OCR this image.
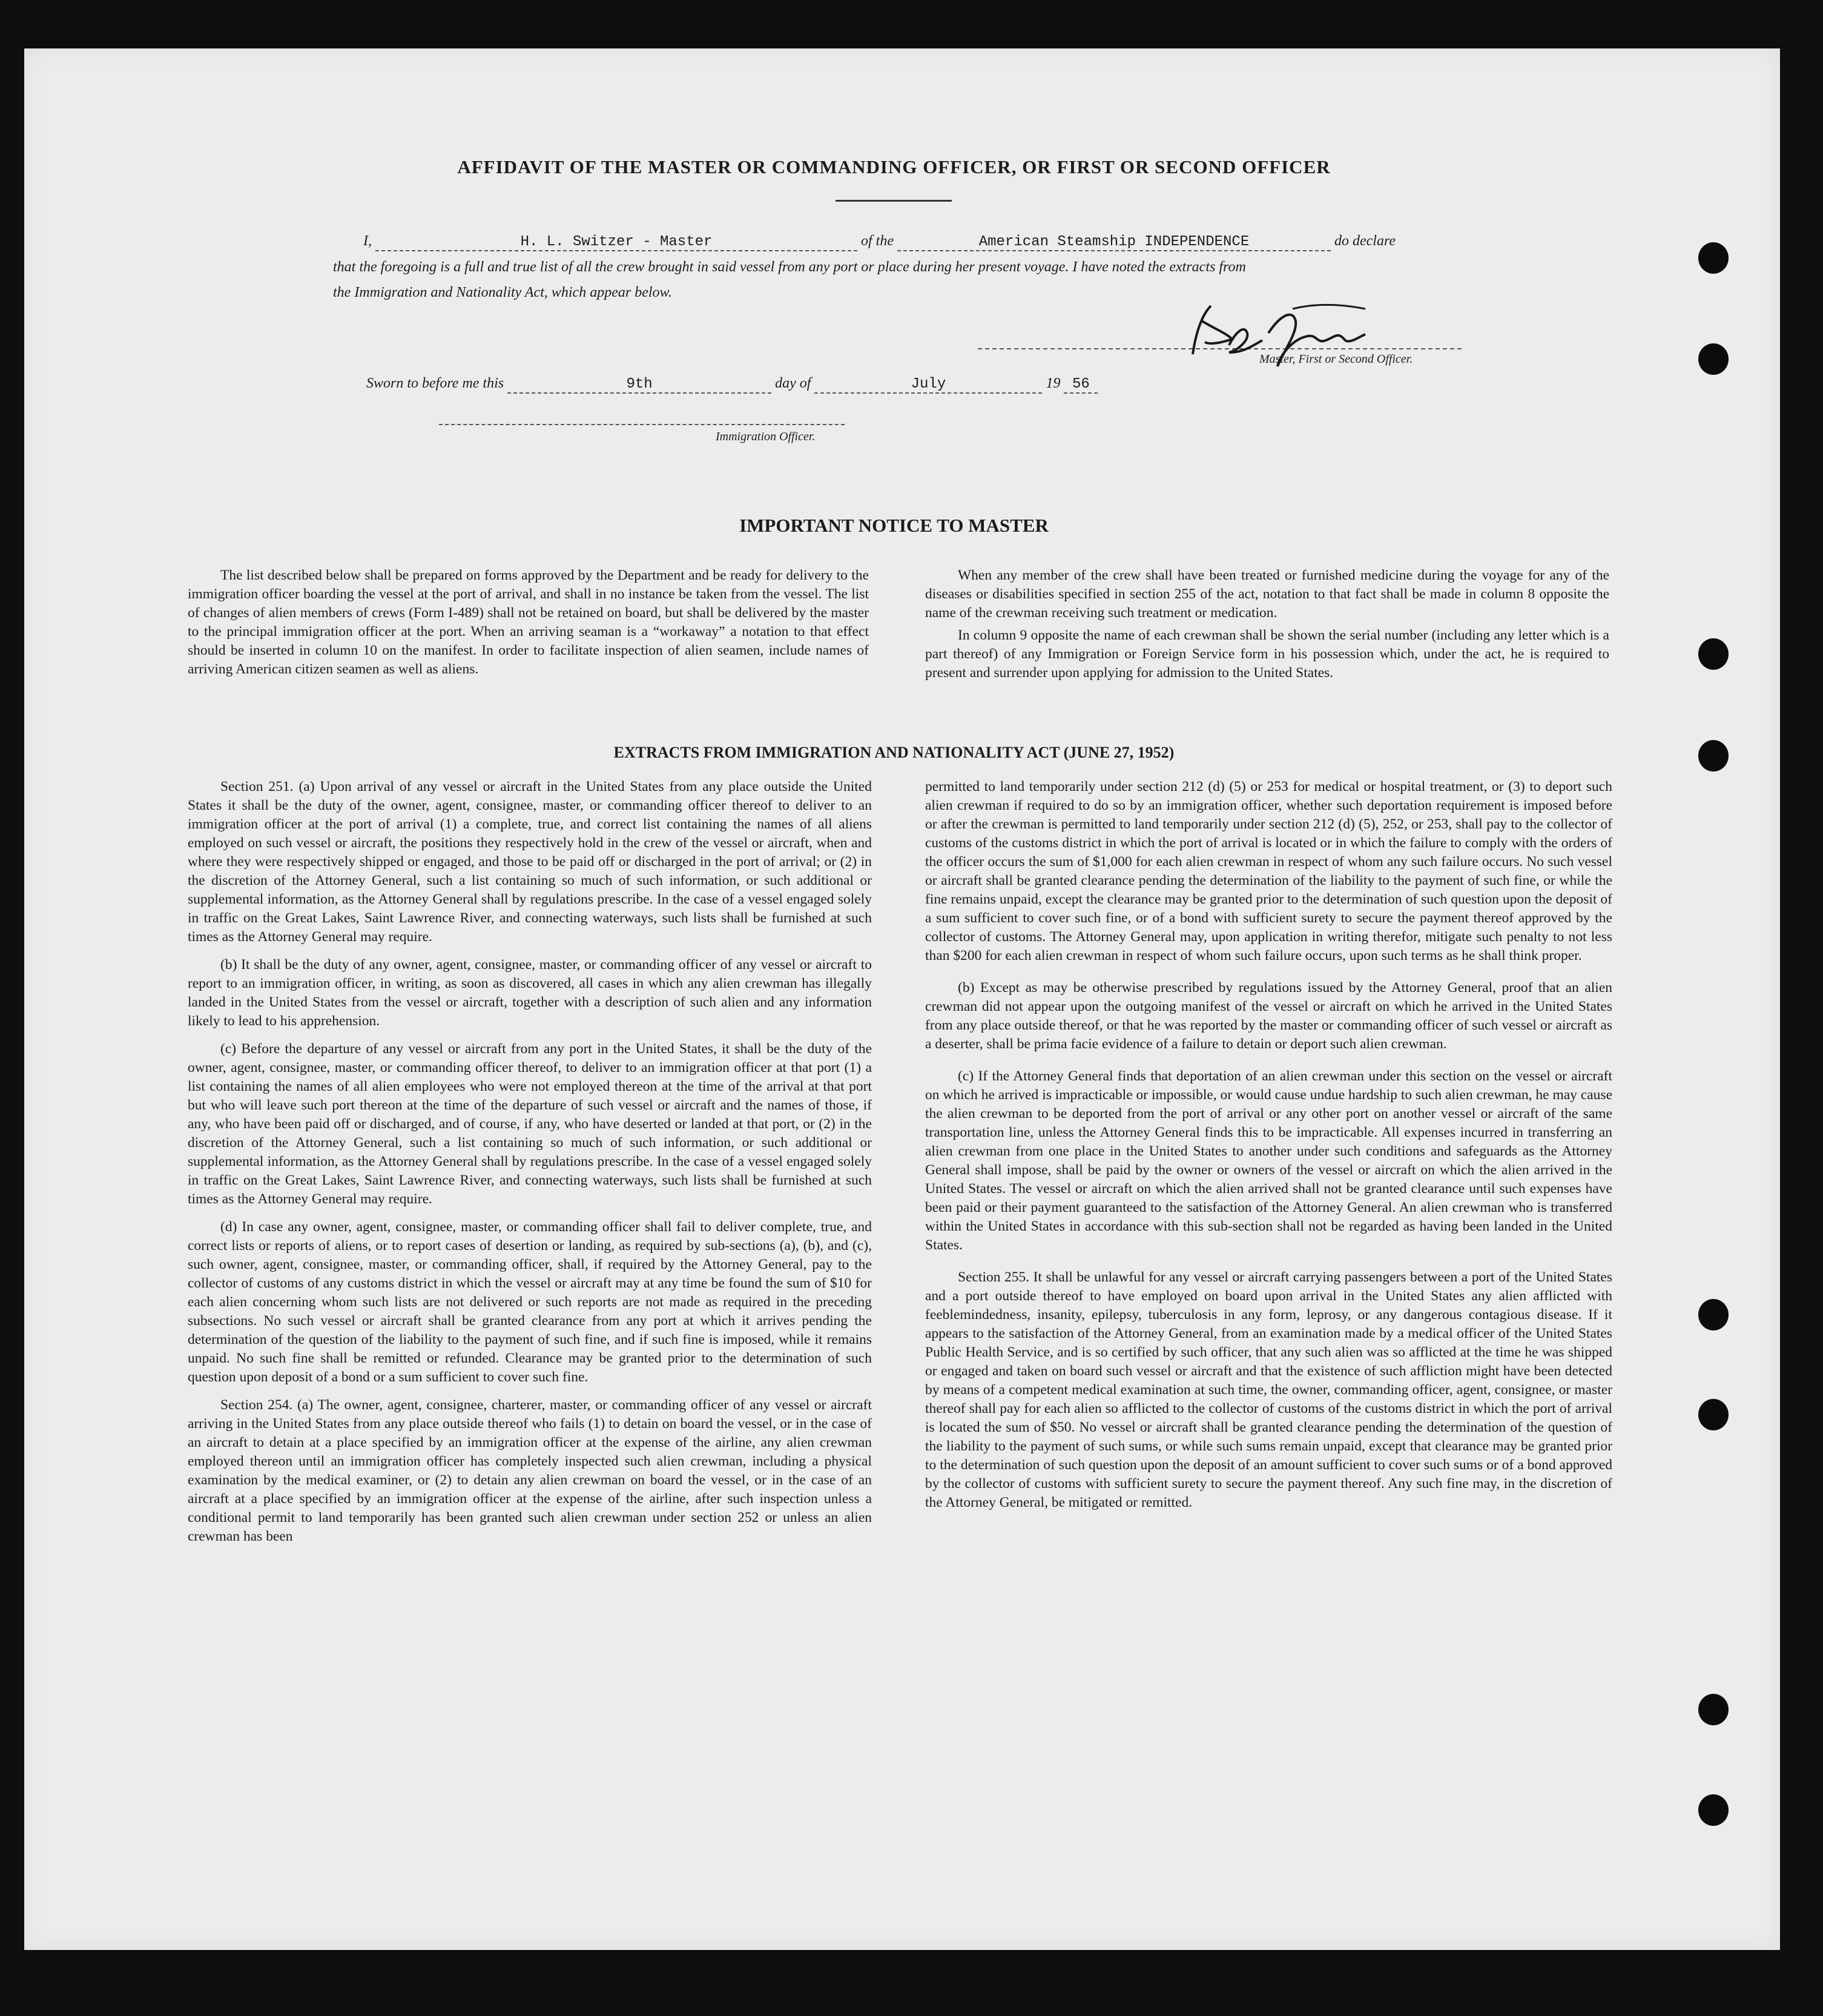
AFFIDAVIT OF THE MASTER OR COMMANDING OFFICER, OR FIRST OR SECOND OFFICER
I,	H. L. Switzer - Master	of the	American Steamship INDEPENDENCE	do declare
that the foregoing is a full and true list of all the crew brought in said vessel from any port or place during her present voyage. I have noted the extracts from
the Immigration and Nationality Act, which appear below.
Master, First or Second Officer.
Sworn to before me this	9th	day of	July	19 56
Immigration Officer.
IMPORTANT NOTICE TO MASTER

The list described below shall be prepared on forms approved by the Department and be ready for delivery to the immigration officer boarding the vessel at the port of arrival, and shall in no instance be taken from the vessel. The list of changes of alien members of crews (Form I-489) shall not be retained on board, but shall be delivered by the master to the principal immigration officer at the port. When an arriving seaman is a “workaway” a notation to that effect should be inserted in column 10 on the manifest. In order to facilitate inspection of alien seamen, include names of arriving American citizen seamen as well as aliens.

When any member of the crew shall have been treated or furnished medicine during the voyage for any of the diseases or disabilities specified in section 255 of the act, notation to that fact shall be made in column 8 opposite the name of the crewman receiving such treatment or medication.

In column 9 opposite the name of each crewman shall be shown the serial number (including any letter which is a part thereof) of any Immigration or Foreign Service form in his possession which, under the act, he is required to present and surrender upon applying for admission to the United States.

EXTRACTS FROM IMMIGRATION AND NATIONALITY ACT (JUNE 27, 1952)

Section 251. (a) Upon arrival of any vessel or aircraft in the United States from any place outside the United States it shall be the duty of the owner, agent, consignee, master, or commanding officer thereof to deliver to an immigration officer at the port of arrival (1) a complete, true, and correct list containing the names of all aliens employed on such vessel or aircraft, the positions they respectively hold in the crew of the vessel or aircraft, when and where they were respectively shipped or engaged, and those to be paid off or discharged in the port of arrival; or (2) in the discretion of the Attorney General, such a list containing so much of such information, or such additional or supplemental information, as the Attorney General shall by regulations prescribe. In the case of a vessel engaged solely in traffic on the Great Lakes, Saint Lawrence River, and connecting waterways, such lists shall be furnished at such times as the Attorney General may require.

(b) It shall be the duty of any owner, agent, consignee, master, or commanding officer of any vessel or aircraft to report to an immigration officer, in writing, as soon as discovered, all cases in which any alien crewman has illegally landed in the United States from the vessel or aircraft, together with a description of such alien and any information likely to lead to his apprehension.

(c) Before the departure of any vessel or aircraft from any port in the United States, it shall be the duty of the owner, agent, consignee, master, or commanding officer thereof, to deliver to an immigration officer at that port (1) a list containing the names of all alien employees who were not employed thereon at the time of the arrival at that port but who will leave such port thereon at the time of the departure of such vessel or aircraft and the names of those, if any, who have been paid off or discharged, and of course, if any, who have deserted or landed at that port, or (2) in the discretion of the Attorney General, such a list containing so much of such information, or such additional or supplemental information, as the Attorney General shall by regulations prescribe. In the case of a vessel engaged solely in traffic on the Great Lakes, Saint Lawrence River, and connecting waterways, such lists shall be furnished at such times as the Attorney General may require.

(d) In case any owner, agent, consignee, master, or commanding officer shall fail to deliver complete, true, and correct lists or reports of aliens, or to report cases of desertion or landing, as required by sub-sections (a), (b), and (c), such owner, agent, consignee, master, or commanding officer, shall, if required by the Attorney General, pay to the collector of customs of any customs district in which the vessel or aircraft may at any time be found the sum of $10 for each alien concerning whom such lists are not delivered or such reports are not made as required in the preceding subsections. No such vessel or aircraft shall be granted clearance from any port at which it arrives pending the determination of the question of the liability to the payment of such fine, and if such fine is imposed, while it remains unpaid. No such fine shall be remitted or refunded. Clearance may be granted prior to the determination of such question upon deposit of a bond or a sum sufficient to cover such fine.

Section 254. (a) The owner, agent, consignee, charterer, master, or commanding officer of any vessel or aircraft arriving in the United States from any place outside thereof who fails (1) to detain on board the vessel, or in the case of an aircraft to detain at a place specified by an immigration officer at the expense of the airline, any alien crewman employed thereon until an immigration officer has completely inspected such alien crewman, including a physical examination by the medical examiner, or (2) to detain any alien crewman on board the vessel, or in the case of an aircraft at a place specified by an immigration officer at the expense of the airline, after such inspection unless a conditional permit to land temporarily has been granted such alien crewman under section 252 or unless an alien crewman has been

permitted to land temporarily under section 212 (d) (5) or 253 for medical or hospital treatment, or (3) to deport such alien crewman if required to do so by an immigration officer, whether such deportation requirement is imposed before or after the crewman is permitted to land temporarily under section 212 (d) (5), 252, or 253, shall pay to the collector of customs of the customs district in which the port of arrival is located or in which the failure to comply with the orders of the officer occurs the sum of $1,000 for each alien crewman in respect of whom any such failure occurs. No such vessel or aircraft shall be granted clearance pending the determination of the liability to the payment of such fine, or while the fine remains unpaid, except the clearance may be granted prior to the determination of such question upon the deposit of a sum sufficient to cover such fine, or of a bond with sufficient surety to secure the payment thereof approved by the collector of customs. The Attorney General may, upon application in writing therefor, mitigate such penalty to not less than $200 for each alien crewman in respect of whom such failure occurs, upon such terms as he shall think proper.

(b) Except as may be otherwise prescribed by regulations issued by the Attorney General, proof that an alien crewman did not appear upon the outgoing manifest of the vessel or aircraft on which he arrived in the United States from any place outside thereof, or that he was reported by the master or commanding officer of such vessel or aircraft as a deserter, shall be prima facie evidence of a failure to detain or deport such alien crewman.

(c) If the Attorney General finds that deportation of an alien crewman under this section on the vessel or aircraft on which he arrived is impracticable or impossible, or would cause undue hardship to such alien crewman, he may cause the alien crewman to be deported from the port of arrival or any other port on another vessel or aircraft of the same transportation line, unless the Attorney General finds this to be impracticable. All expenses incurred in transferring an alien crewman from one place in the United States to another under such conditions and safeguards as the Attorney General shall impose, shall be paid by the owner or owners of the vessel or aircraft on which the alien arrived in the United States. The vessel or aircraft on which the alien arrived shall not be granted clearance until such expenses have been paid or their payment guaranteed to the satisfaction of the Attorney General. An alien crewman who is transferred within the United States in accordance with this sub-section shall not be regarded as having been landed in the United States.

Section 255. It shall be unlawful for any vessel or aircraft carrying passengers between a port of the United States and a port outside thereof to have employed on board upon arrival in the United States any alien afflicted with feeblemindedness, insanity, epilepsy, tuberculosis in any form, leprosy, or any dangerous contagious disease. If it appears to the satisfaction of the Attorney General, from an examination made by a medical officer of the United States Public Health Service, and is so certified by such officer, that any such alien was so afflicted at the time he was shipped or engaged and taken on board such vessel or aircraft and that the existence of such affliction might have been detected by means of a competent medical examination at such time, the owner, commanding officer, agent, consignee, or master thereof shall pay for each alien so afflicted to the collector of customs of the customs district in which the port of arrival is located the sum of $50. No vessel or aircraft shall be granted clearance pending the determination of the question of the liability to the payment of such sums, or while such sums remain unpaid, except that clearance may be granted prior to the determination of such question upon the deposit of an amount sufficient to cover such sums or of a bond approved by the collector of customs with sufficient surety to secure the payment thereof. Any such fine may, in the discretion of the Attorney General, be mitigated or remitted.
